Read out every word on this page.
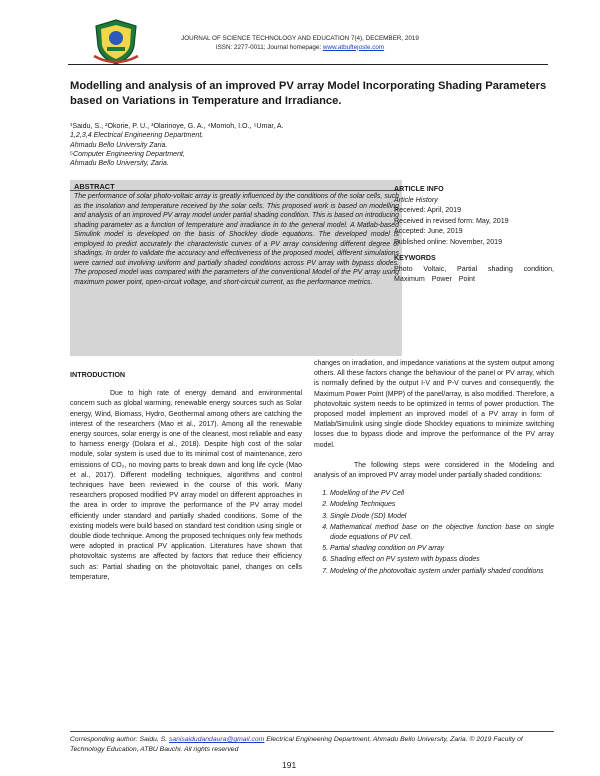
JOURNAL OF SCIENCE TECHNOLOGY AND EDUCATION 7(4), DECEMBER, 2019
ISSN: 2277-0011; Journal homepage: www.atbuftejoste.com
Modelling and analysis of an improved PV array Model Incorporating Shading Parameters based on Variations in Temperature and Irradiance.
¹Saidu, S., ²Okorie, P. U., ³Olarinoye, G. A., ⁴Momoh, I.O., ⁵Umar, A.
1,2,3,4 Electrical Engineering Department,
Ahmadu Bello University Zaria.
⁵Computer Engineering Department,
Ahmadu Bello University, Zaria.
ABSTRACT
The performance of solar photo-voltaic array is greatly influenced by the conditions of the solar cells, such as the insolation and temperature received by the solar cells. This proposed work is based on modelling and analysis of an improved PV array model under partial shading condition. This is based on introducing shading parameter as a function of temperature and irradiance in to the general model. A Matlab-based Simulink model is developed on the basis of Shockley diode equations. The developed model is employed to predict accurately the characteristic curves of a PV array considering different degree of shadings. In order to validate the accuracy and effectiveness of the proposed model, different simulations were carried out involving uniform and partially shaded conditions across PV array with bypass diodes. The proposed model was compared with the parameters of the conventional Model of the PV array using maximum power point, open-circuit voltage, and short-circuit current, as the performance metrics.
ARTICLE INFO
Article History
Received: April, 2019
Received in revised form: May, 2019
Accepted: June, 2019
Published online: November, 2019
KEYWORDS
Photo Voltaic, Partial shading condition, Maximum Power Point
INTRODUCTION
Due to high rate of energy demand and environmental concern such as global warming, renewable energy sources such as Solar energy, Wind, Biomass, Hydro, Geothermal among others are catching the interest of the researchers (Mao et al., 2017). Among all the renewable energy sources, solar energy is one of the cleanest, most reliable and easy to harness energy (Dolara et al., 2018). Despite high cost of the solar module, solar system is used due to its minimal cost of maintenance, zero emissions of CO₂, no moving parts to break down and long life cycle (Mao et al., 2017). Different modelling techniques, algorithms and control techniques have been reviewed in the course of this work. Many researchers proposed modified PV array model on different approaches in the area in order to improve the performance of the PV array model efficiently under standard and partially shaded conditions. Some of the existing models were build based on standard test condition using single or double diode technique. Among the proposed techniques only few methods were adopted in practical PV application. Literatures have shown that photovoltaic systems are affected by factors that reduce their efficiency such as: Partial shading on the photovoltaic panel, changes on cells temperature,
changes on irradiation, and impedance variations at the system output among others. All these factors change the behaviour of the panel or PV array, which is normally defined by the output I-V and P-V curves and consequently, the Maximum Power Point (MPP) of the panel/array, is also modified. Therefore, a photovoltaic system needs to be optimized in terms of power production. The proposed model implement an improved model of a PV array in form of Matlab/Simulink using single diode Shockley equations to minimize switching losses due to bypass diode and improve the performance of the PV array model.
The following steps were considered in the Modeling and analysis of an improved PV array model under partially shaded conditions:
1. Modelling of the PV Cell
2. Modeling Techniques
3. Single Diode (SD) Model
4. Mathematical method base on the objective function base on single diode equations of PV cell.
5. Partial shading condition on PV array
6. Shading effect on PV system with bypass diodes
7. Modeling of the photovoltaic system under partially shaded conditions
Corresponding author: Saidu, S. sanisaidudandaura@gmail.com Electrical Engineering Department, Ahmadu Bello University, Zaria. © 2019 Faculty of Technology Education, ATBU Bauchi. All rights reserved
191
